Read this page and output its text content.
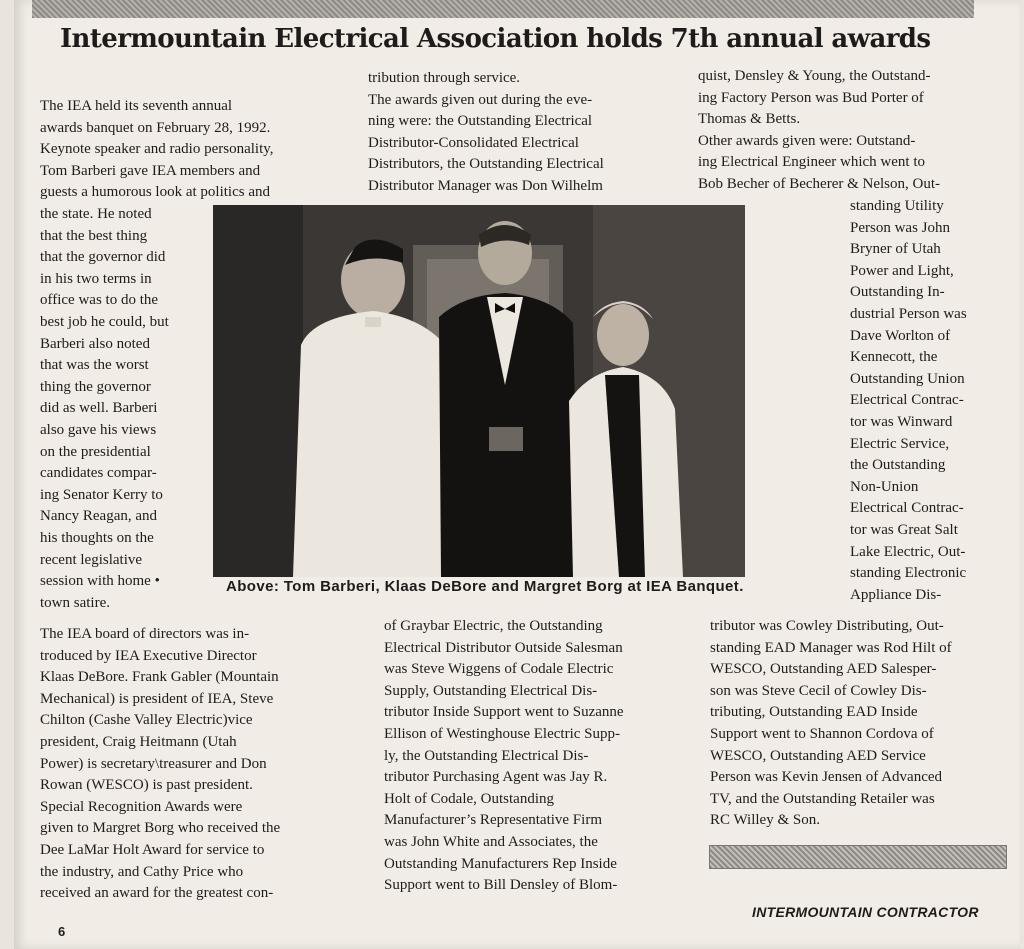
Intermountain Electrical Association holds 7th annual awards
The IEA held its seventh annual
awards banquet on February 28, 1992.
Keynote speaker and radio personality,
Tom Barberi gave IEA members and
guests a humorous look at politics and
the state. He noted
that the best thing
that the governor did
in his two terms in
office was to do the
best job he could, but
Barberi also noted
that was the worst
thing the governor
did as well. Barberi
also gave his views
on the presidential
candidates compar-
ing Senator Kerry to
Nancy Reagan, and
his thoughts on the
recent legislative
session with home •
town satire.
The IEA board of directors was in-
troduced by IEA Executive Director
Klaas DeBore. Frank Gabler (Mountain
Mechanical) is president of IEA, Steve
Chilton (Cashe Valley Electric)vice
president, Craig Heitmann (Utah
Power) is secretary\treasurer and Don
Rowan (WESCO) is past president.
Special Recognition Awards were
given to Margret Borg who received the
Dee LaMar Holt Award for service to
the industry, and Cathy Price who
received an award for the greatest con-
tribution through service.
The awards given out during the eve-
ning were: the Outstanding Electrical
Distributor-Consolidated Electrical
Distributors, the Outstanding Electrical
Distributor Manager was Don Wilhelm
of Graybar Electric, the Outstanding
Electrical Distributor Outside Salesman
was Steve Wiggens of Codale Electric
Supply, Outstanding Electrical Dis-
tributor Inside Support went to Suzanne
Ellison of Westinghouse Electric Supp-
ly, the Outstanding Electrical Dis-
tributor Purchasing Agent was Jay R.
Holt of Codale, Outstanding
Manufacturer’s Representative Firm
was John White and Associates, the
Outstanding Manufacturers Rep Inside
Support went to Bill Densley of Blom-
quist, Densley & Young, the Outstand-
ing Factory Person was Bud Porter of
Thomas & Betts.
Other awards given were: Outstand-
ing Electrical Engineer which went to
Bob Becher of Becherer & Nelson, Out-
standing Utility
Person was John
Bryner of Utah
Power and Light,
Outstanding In-
dustrial Person was
Dave Worlton of
Kennecott, the
Outstanding Union
Electrical Contrac-
tor was Winward
Electric Service,
the Outstanding
Non-Union
Electrical Contrac-
tor was Great Salt
Lake Electric, Out-
standing Electronic
Appliance Dis-
tributor was Cowley Distributing, Out-
standing EAD Manager was Rod Hilt of
WESCO, Outstanding AED Salesper-
son was Steve Cecil of Cowley Dis-
tributing, Outstanding EAD Inside
Support went to Shannon Cordova of
WESCO, Outstanding AED Service
Person was Kevin Jensen of Advanced
TV, and the Outstanding Retailer was
RC Willey & Son.
Above: Tom Barberi, Klaas DeBore and Margret Borg at IEA Banquet.
INTERMOUNTAIN CONTRACTOR
6
